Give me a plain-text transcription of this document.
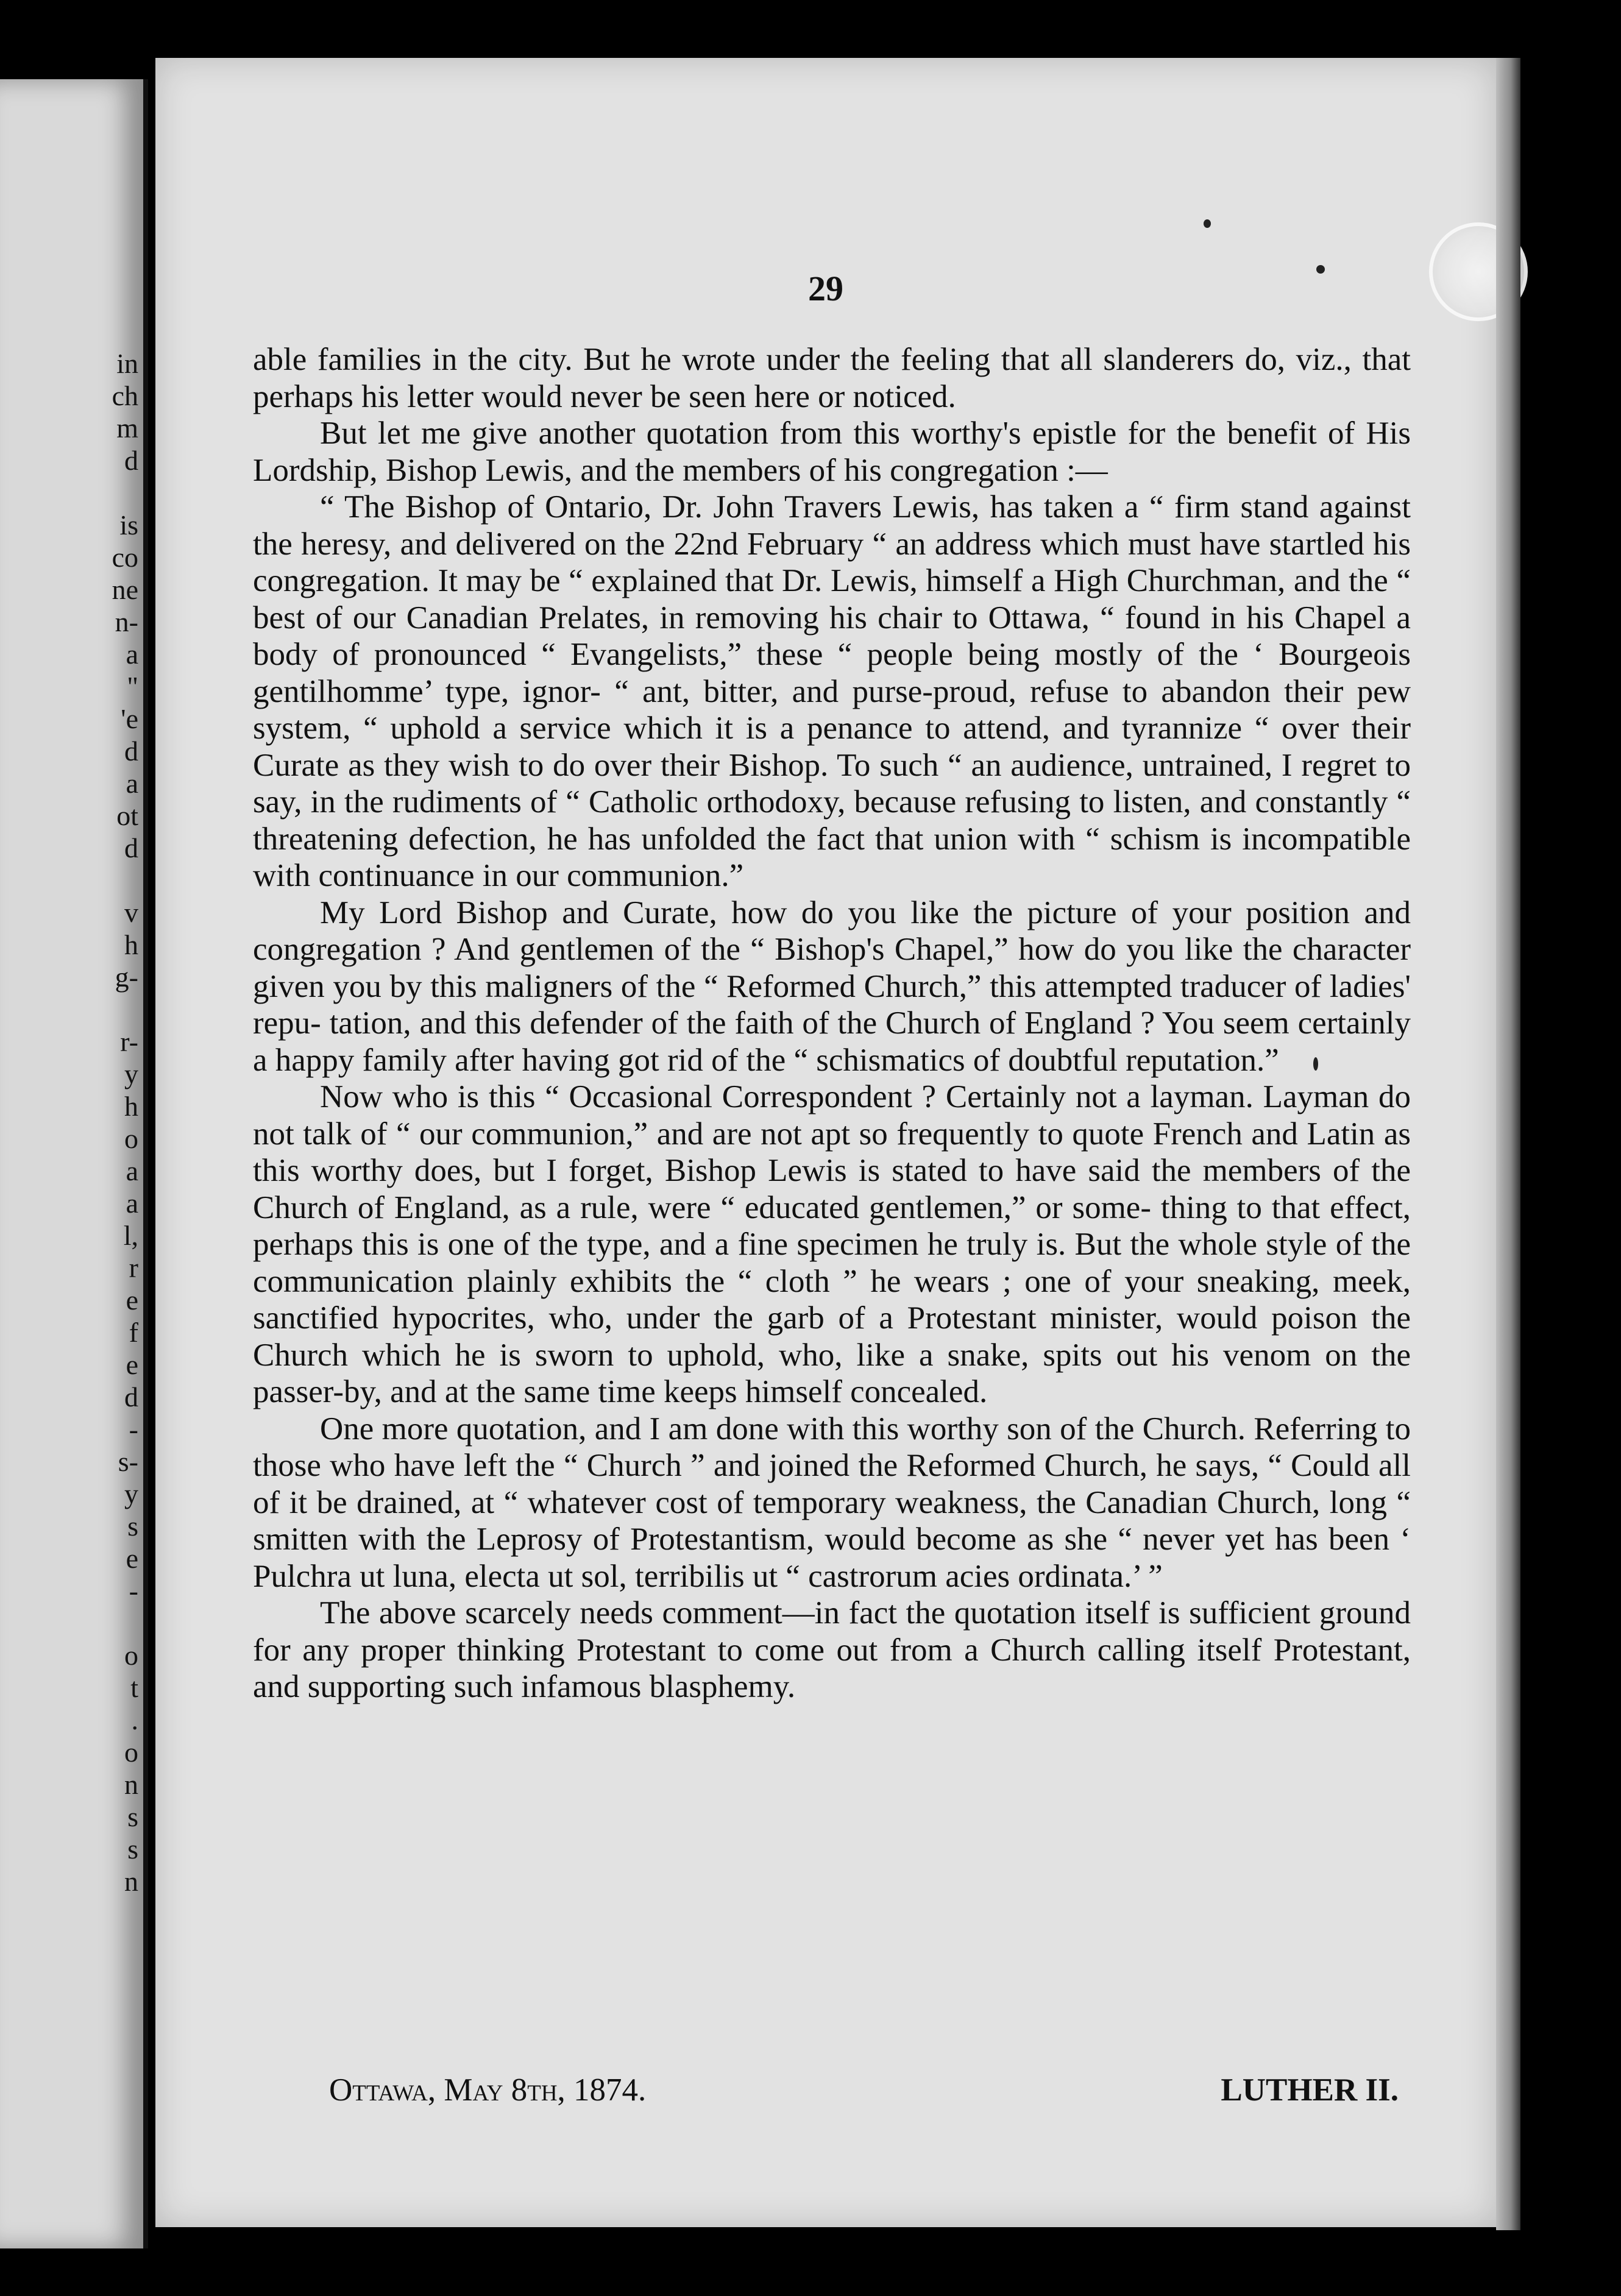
in
ch
m
d

is
co
ne
n-
a
"
'e
d
a
ot
d

v
h
g-

r-
y
h
o
a
a
l,
r
e
f
e
d
-
s-
y
s
e
-

o
t
.
o
n
s
s
n
29

able families in the city. But he wrote under the feeling that all slanderers do, viz., that perhaps his letter would never be seen here or noticed.

But let me give another quotation from this worthy's epistle for the benefit of His Lordship, Bishop Lewis, and the members of his congregation :—

“ The Bishop of Ontario, Dr. John Travers Lewis, has taken a “ firm stand against the heresy, and delivered on the 22nd February “ an address which must have startled his congregation. It may be “ explained that Dr. Lewis, himself a High Churchman, and the “ best of our Canadian Prelates, in removing his chair to Ottawa, “ found in his Chapel a body of pronounced “ Evangelists,” these “ people being mostly of the ‘ Bourgeois gentilhomme’ type, ignor- “ ant, bitter, and purse-proud, refuse to abandon their pew system, “ uphold a service which it is a penance to attend, and tyrannize “ over their Curate as they wish to do over their Bishop. To such “ an audience, untrained, I regret to say, in the rudiments of “ Catholic orthodoxy, because refusing to listen, and constantly “ threatening defection, he has unfolded the fact that union with “ schism is incompatible with continuance in our communion.”

My Lord Bishop and Curate, how do you like the picture of your position and congregation ? And gentlemen of the “ Bishop's Chapel,” how do you like the character given you by this maligners of the “ Reformed Church,” this attempted traducer of ladies' repu- tation, and this defender of the faith of the Church of England ? You seem certainly a happy family after having got rid of the “ schismatics of doubtful reputation.”

Now who is this “ Occasional Correspondent ? Certainly not a layman. Layman do not talk of “ our communion,” and are not apt so frequently to quote French and Latin as this worthy does, but I forget, Bishop Lewis is stated to have said the members of the Church of England, as a rule, were “ educated gentlemen,” or some- thing to that effect, perhaps this is one of the type, and a fine specimen he truly is. But the whole style of the communication plainly exhibits the “ cloth ” he wears ; one of your sneaking, meek, sanctified hypocrites, who, under the garb of a Protestant minister, would poison the Church which he is sworn to uphold, who, like a snake, spits out his venom on the passer-by, and at the same time keeps himself concealed.

One more quotation, and I am done with this worthy son of the Church. Referring to those who have left the “ Church ” and joined the Reformed Church, he says, “ Could all of it be drained, at “ whatever cost of temporary weakness, the Canadian Church, long “ smitten with the Leprosy of Protestantism, would become as she “ never yet has been ‘ Pulchra ut luna, electa ut sol, terribilis ut “ castrorum acies ordinata.’ ”

The above scarcely needs comment—in fact the quotation itself is sufficient ground for any proper thinking Protestant to come out from a Church calling itself Protestant, and supporting such infamous blasphemy.

Ottawa, May 8th, 1874.	LUTHER II.
